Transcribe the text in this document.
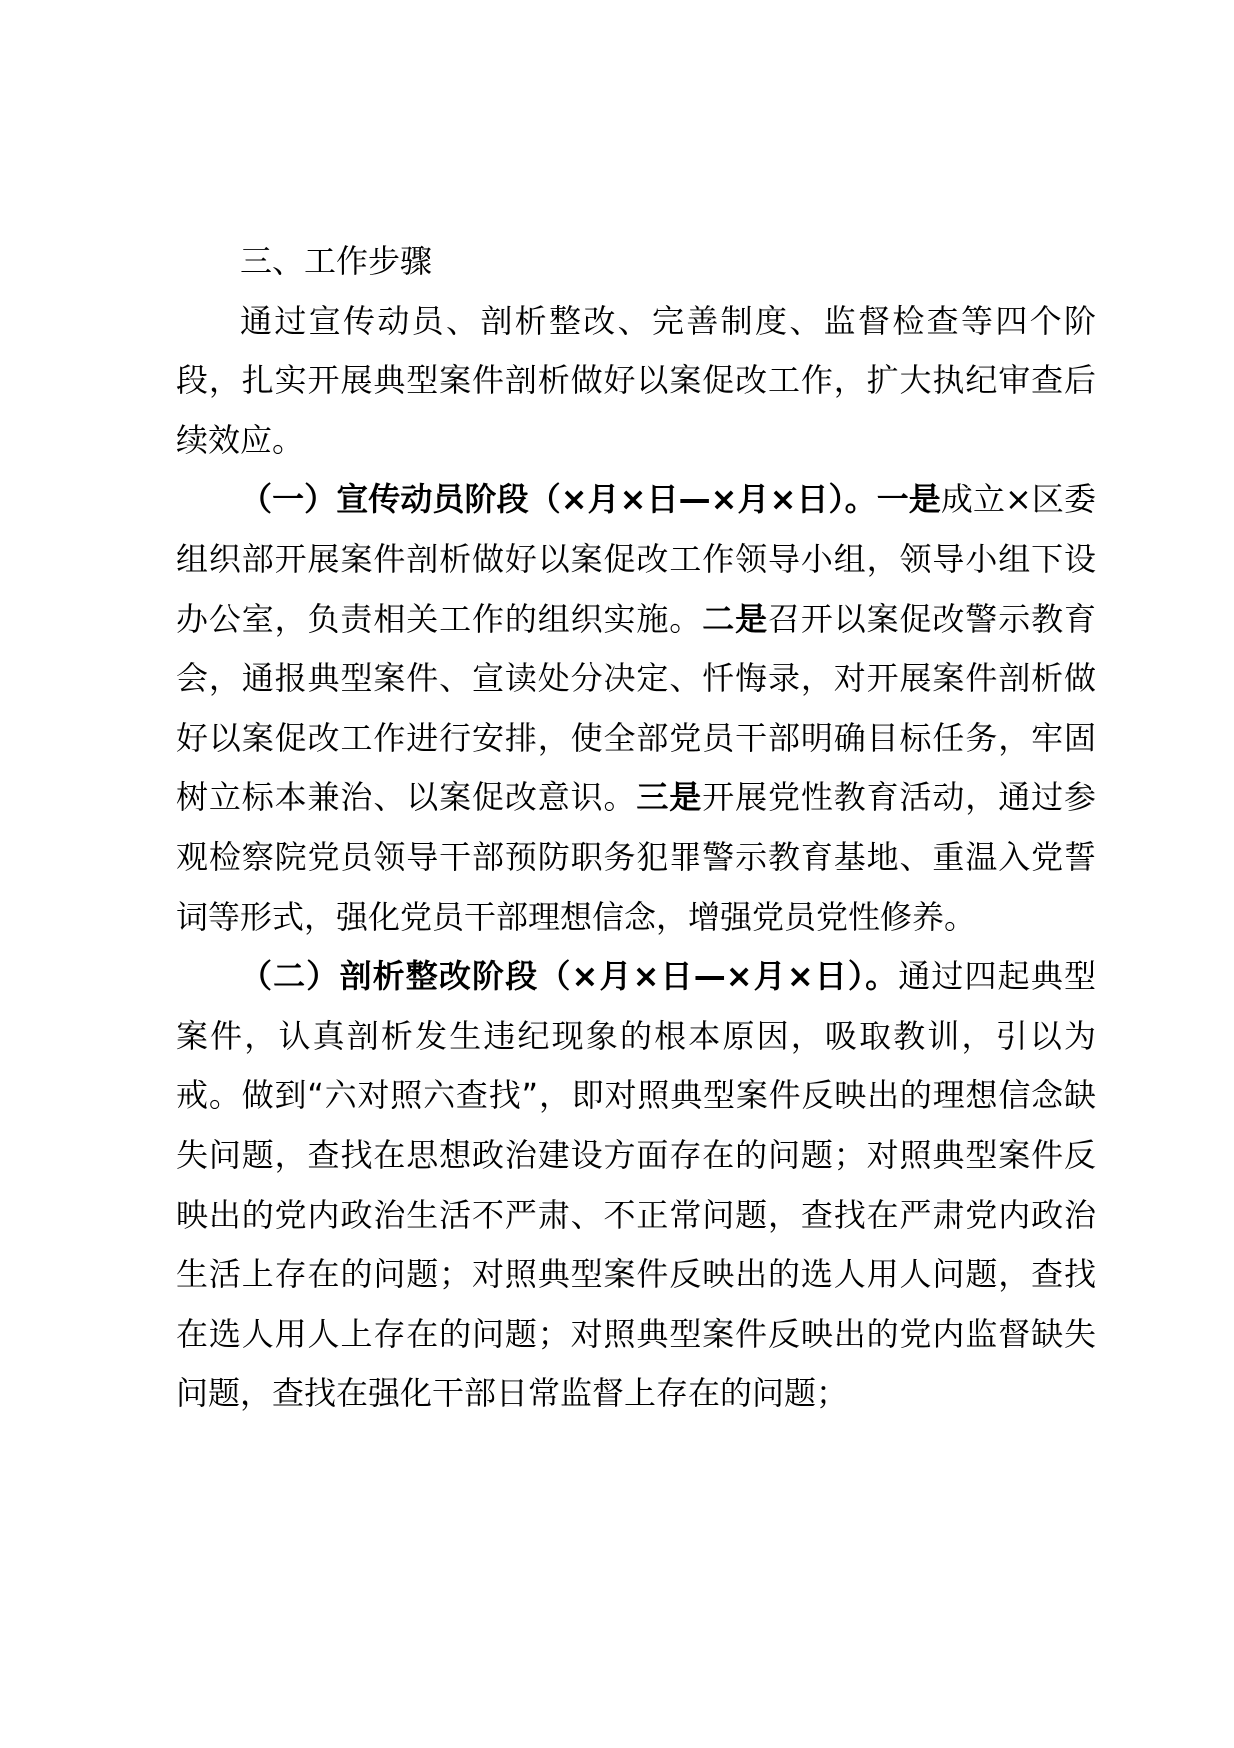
三、工作步骤

通过宣传动员、剖析整改、完善制度、监督检查等四个阶段，扎实开展典型案件剖析做好以案促改工作，扩大执纪审查后续效应。

（一）宣传动员阶段（×月×日—×月×日）。一是成立×区委组织部开展案件剖析做好以案促改工作领导小组，领导小组下设办公室，负责相关工作的组织实施。二是召开以案促改警示教育会，通报典型案件、宣读处分决定、忏悔录，对开展案件剖析做好以案促改工作进行安排，使全部党员干部明确目标任务，牢固树立标本兼治、以案促改意识。三是开展党性教育活动，通过参观检察院党员领导干部预防职务犯罪警示教育基地、重温入党誓词等形式，强化党员干部理想信念，增强党员党性修养。

（二）剖析整改阶段（×月×日—×月×日）。通过四起典型案件，认真剖析发生违纪现象的根本原因，吸取教训，引以为戒。做到“六对照六查找”，即对照典型案件反映出的理想信念缺失问题，查找在思想政治建设方面存在的问题；对照典型案件反映出的党内政治生活不严肃、不正常问题，查找在严肃党内政治生活上存在的问题；对照典型案件反映出的选人用人问题，查找在选人用人上存在的问题；对照典型案件反映出的党内监督缺失问题，查找在强化干部日常监督上存在的问题；
